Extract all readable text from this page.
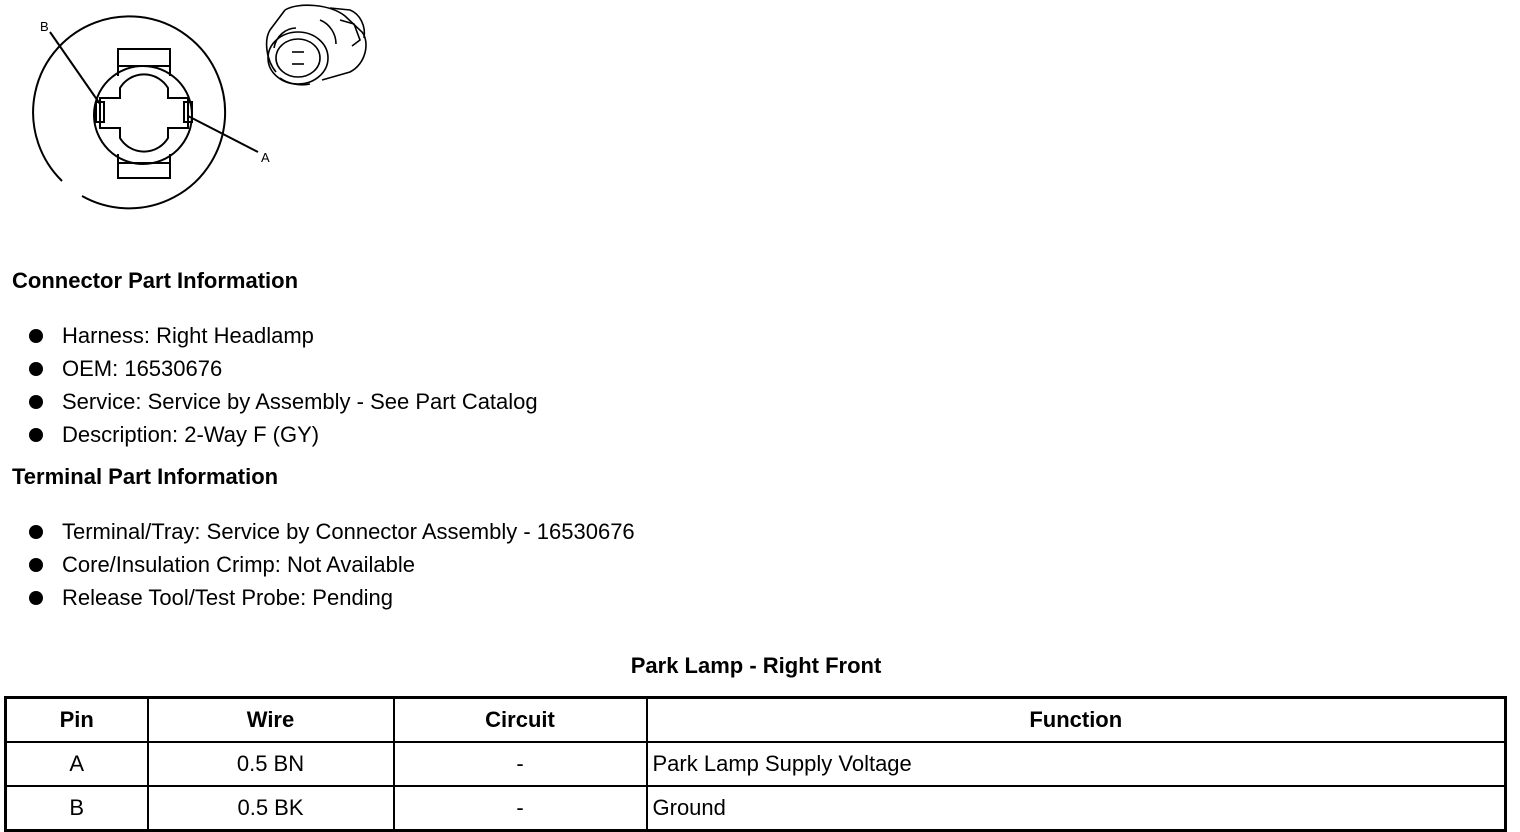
B
A
Connector Part Information
Harness: Right Headlamp
OEM: 16530676
Service: Service by Assembly - See Part Catalog
Description: 2-Way F (GY)
Terminal Part Information
Terminal/Tray: Service by Connector Assembly - 16530676
Core/Insulation Crimp: Not Available
Release Tool/Test Probe: Pending
Park Lamp - Right Front
Pin	Wire	Circuit	Function
A	0.5 BN	-	Park Lamp Supply Voltage
B	0.5 BK	-	Ground
